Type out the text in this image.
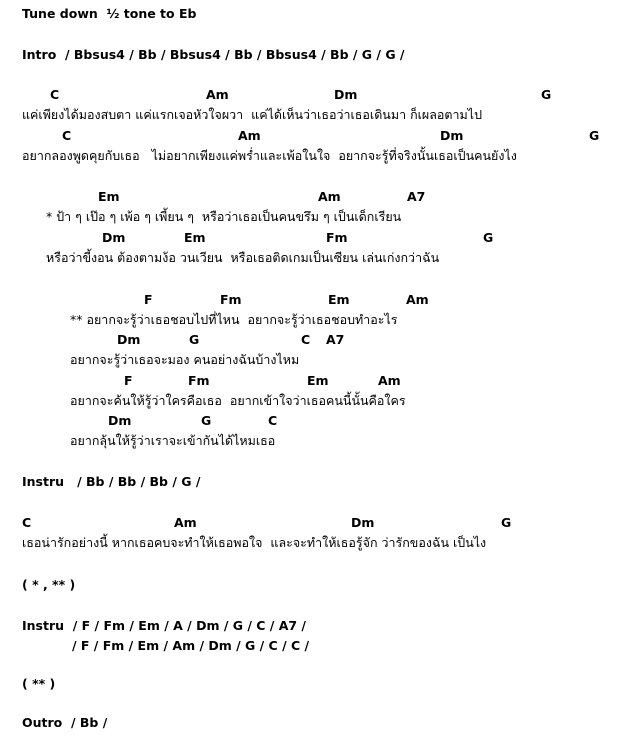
Tune down  ½ tone to Eb
Intro  / Bbsus4 / Bb / Bbsus4 / Bb / Bbsus4 / Bb / G / G /
C	Am	Dm	G
แค่เพียงได้มองสบตา แค่แรกเจอหัวใจผวา  แค่ได้เห็นว่าเธอว่าเธอเดินมา ก็เผลอตามไป
C	Am	Dm	G
อยากลองพูดคุยกับเธอ   ไม่อยากเพียงแค่พร่ำและเพ้อในใจ  อยากจะรู้ที่จริงนั้นเธอเป็นคนยังไง
Em	Am	A7
* ป้า ๆ เป๊อ ๆ เพ้อ ๆ เพี้ยน ๆ  หรือว่าเธอเป็นคนขรึม ๆ เป็นเด็กเรียน
Dm	Em	Fm	G
หรือว่าขี้งอน ต้องตามง้อ วนเวียน  หรือเธอติดเกมเป็นเซียน เล่นเก่งกว่าฉัน
F	Fm	Em	Am
** อยากจะรู้ว่าเธอชอบไปที่ไหน  อยากจะรู้ว่าเธอชอบทำอะไร
Dm	G	C A7
อยากจะรู้ว่าเธอจะมอง คนอย่างฉันบ้างไหม
F	Fm	Em	Am
อยากจะค้นให้รู้ว่าใครคือเธอ  อยากเข้าใจว่าเธอคนนี้นั้นคือใคร
Dm	G	C
อยากลุ้นให้รู้ว่าเราจะเข้ากันได้ไหมเธอ
Instru   / Bb / Bb / Bb / G /
C	Am	Dm	G
เธอน่ารักอย่างนี้ หากเธอคบจะทำให้เธอพอใจ  และจะทำให้เธอรู้จัก ว่ารักของฉัน เป็นไง
( * , ** )
Instru  / F / Fm / Em / A / Dm / G / C / A7 /
/ F / Fm / Em / Am / Dm / G / C / C /
( ** )
Outro  / Bb /
